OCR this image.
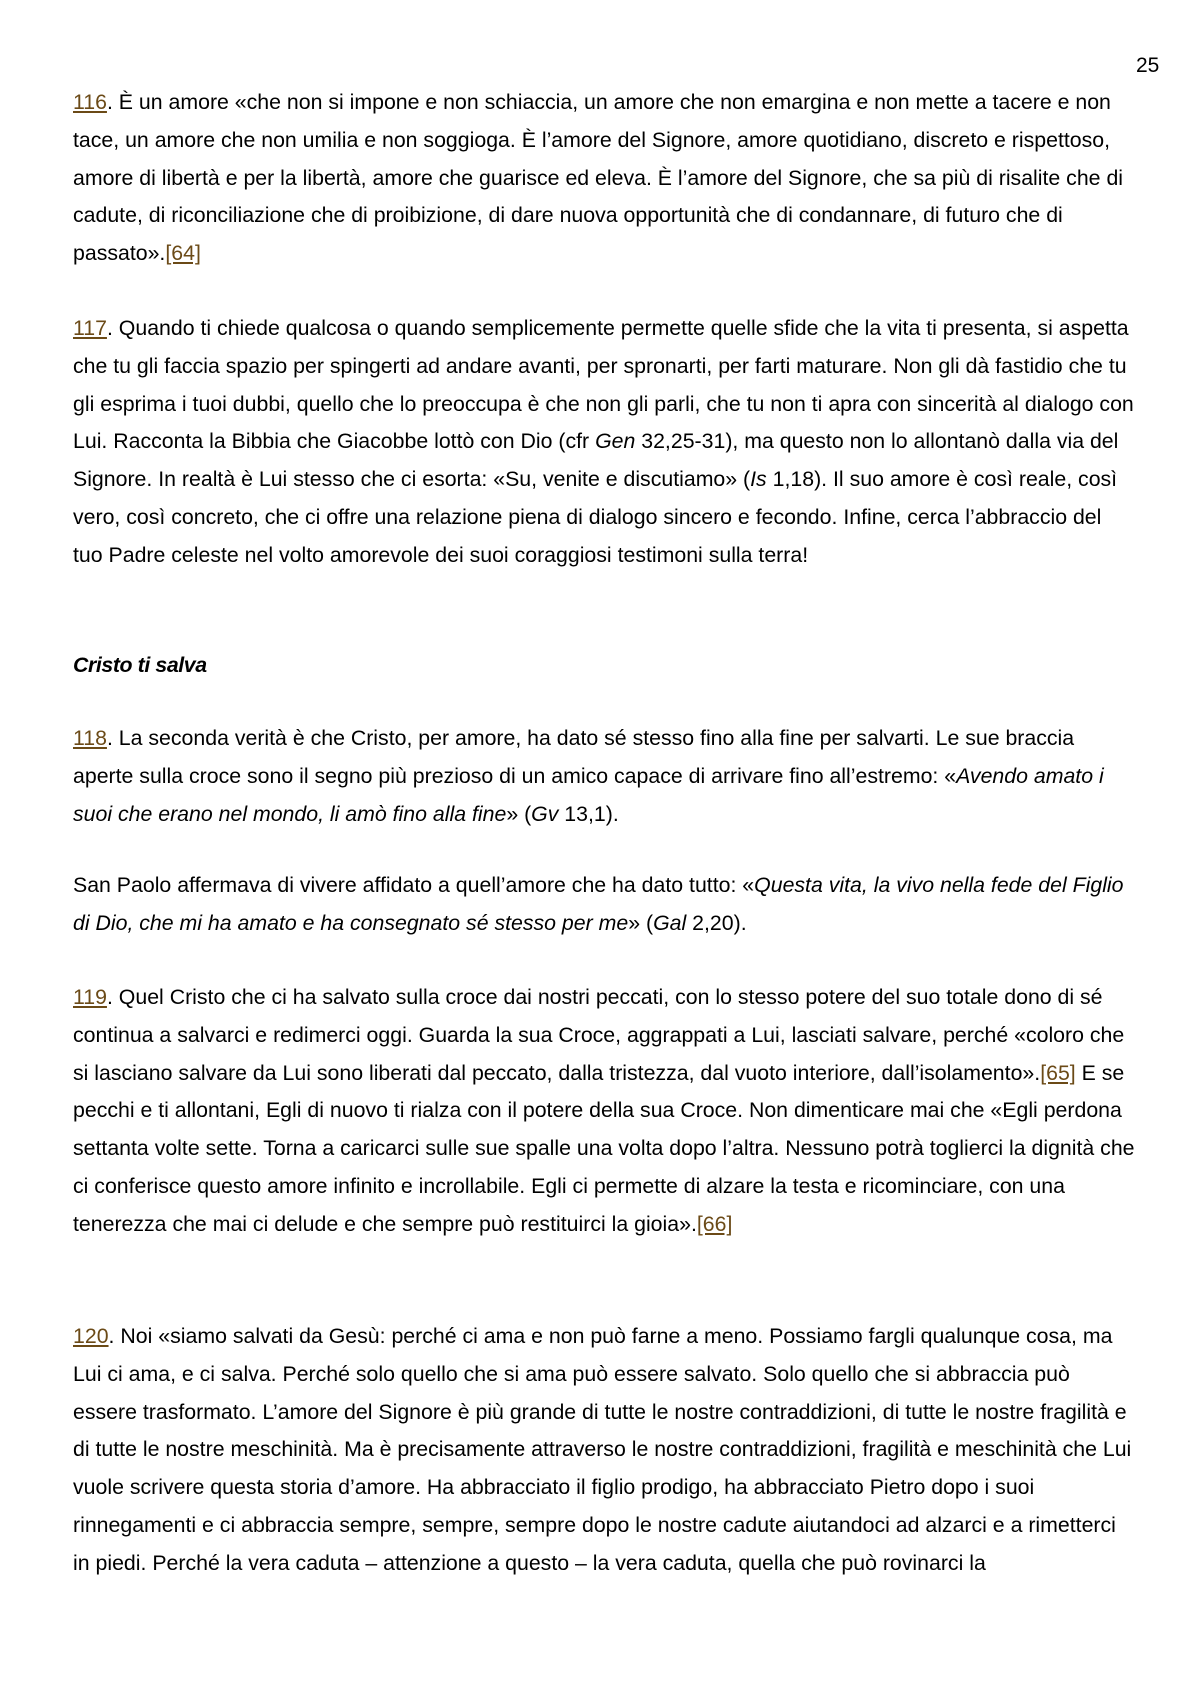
25

116. È un amore «che non si impone e non schiaccia, un amore che non emargina e non mette a tacere e non tace, un amore che non umilia e non soggioga. È l’amore del Signore, amore quotidiano, discreto e rispettoso, amore di libertà e per la libertà, amore che guarisce ed eleva. È l’amore del Signore, che sa più di risalite che di cadute, di riconciliazione che di proibizione, di dare nuova opportunità che di condannare, di futuro che di passato».[64]

117. Quando ti chiede qualcosa o quando semplicemente permette quelle sfide che la vita ti presenta, si aspetta che tu gli faccia spazio per spingerti ad andare avanti, per spronarti, per farti maturare. Non gli dà fastidio che tu gli esprima i tuoi dubbi, quello che lo preoccupa è che non gli parli, che tu non ti apra con sincerità al dialogo con Lui. Racconta la Bibbia che Giacobbe lottò con Dio (cfr Gen 32,25-31), ma questo non lo allontanò dalla via del Signore. In realtà è Lui stesso che ci esorta: «Su, venite e discutiamo» (Is 1,18). Il suo amore è così reale, così vero, così concreto, che ci offre una relazione piena di dialogo sincero e fecondo. Infine, cerca l’abbraccio del tuo Padre celeste nel volto amorevole dei suoi coraggiosi testimoni sulla terra!

Cristo ti salva

118. La seconda verità è che Cristo, per amore, ha dato sé stesso fino alla fine per salvarti. Le sue braccia aperte sulla croce sono il segno più prezioso di un amico capace di arrivare fino all’estremo: «Avendo amato i suoi che erano nel mondo, li amò fino alla fine» (Gv 13,1).

San Paolo affermava di vivere affidato a quell’amore che ha dato tutto: «Questa vita, la vivo nella fede del Figlio di Dio, che mi ha amato e ha consegnato sé stesso per me» (Gal 2,20).

119. Quel Cristo che ci ha salvato sulla croce dai nostri peccati, con lo stesso potere del suo totale dono di sé continua a salvarci e redimerci oggi. Guarda la sua Croce, aggrappati a Lui, lasciati salvare, perché «coloro che si lasciano salvare da Lui sono liberati dal peccato, dalla tristezza, dal vuoto interiore, dall’isolamento».[65] E se pecchi e ti allontani, Egli di nuovo ti rialza con il potere della sua Croce. Non dimenticare mai che «Egli perdona settanta volte sette. Torna a caricarci sulle sue spalle una volta dopo l’altra. Nessuno potrà toglierci la dignità che ci conferisce questo amore infinito e incrollabile. Egli ci permette di alzare la testa e ricominciare, con una tenerezza che mai ci delude e che sempre può restituirci la gioia».[66]

120. Noi «siamo salvati da Gesù: perché ci ama e non può farne a meno. Possiamo fargli qualunque cosa, ma Lui ci ama, e ci salva. Perché solo quello che si ama può essere salvato. Solo quello che si abbraccia può essere trasformato. L’amore del Signore è più grande di tutte le nostre contraddizioni, di tutte le nostre fragilità e di tutte le nostre meschinità. Ma è precisamente attraverso le nostre contraddizioni, fragilità e meschinità che Lui vuole scrivere questa storia d’amore. Ha abbracciato il figlio prodigo, ha abbracciato Pietro dopo i suoi rinnegamenti e ci abbraccia sempre, sempre, sempre dopo le nostre cadute aiutandoci ad alzarci e a rimetterci in piedi. Perché la vera caduta – attenzione a questo – la vera caduta, quella che può rovinarci la
